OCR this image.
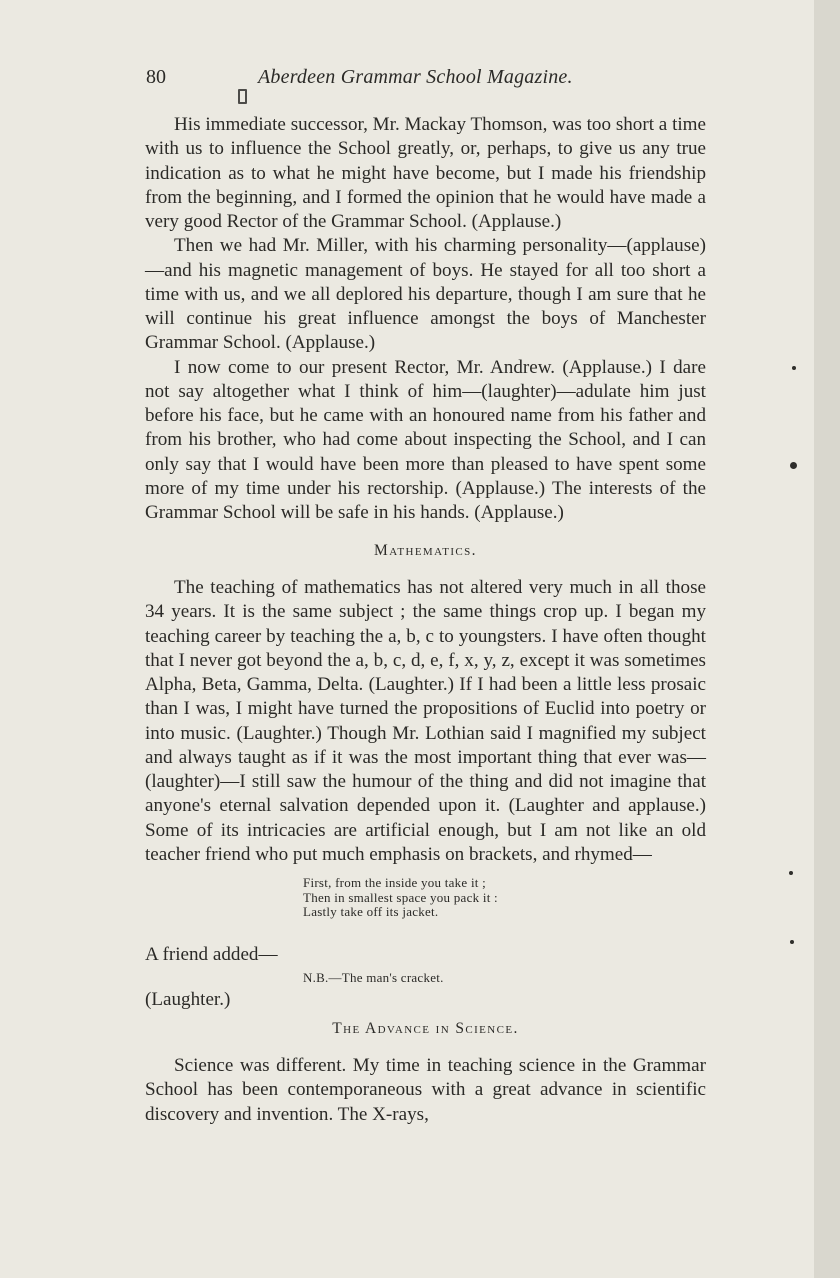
80	Aberdeen Grammar School Magazine.

His immediate successor, Mr. Mackay Thomson, was too short a time with us to influence the School greatly, or, perhaps, to give us any true indication as to what he might have become, but I made his friendship from the beginning, and I formed the opinion that he would have made a very good Rector of the Grammar School. (Applause.)

Then we had Mr. Miller, with his charming personality—(applause)—and his magnetic management of boys. He stayed for all too short a time with us, and we all deplored his departure, though I am sure that he will continue his great influence amongst the boys of Manchester Grammar School. (Applause.)

I now come to our present Rector, Mr. Andrew. (Applause.) I dare not say altogether what I think of him—(laughter)—adulate him just before his face, but he came with an honoured name from his father and from his brother, who had come about inspecting the School, and I can only say that I would have been more than pleased to have spent some more of my time under his rectorship. (Applause.) The interests of the Grammar School will be safe in his hands. (Applause.)

Mathematics.

The teaching of mathematics has not altered very much in all those 34 years. It is the same subject ; the same things crop up. I began my teaching career by teaching the a, b, c to youngsters. I have often thought that I never got beyond the a, b, c, d, e, f, x, y, z, except it was sometimes Alpha, Beta, Gamma, Delta. (Laughter.) If I had been a little less prosaic than I was, I might have turned the propositions of Euclid into poetry or into music. (Laughter.) Though Mr. Lothian said I magnified my subject and always taught as if it was the most important thing that ever was—(laughter)—I still saw the humour of the thing and did not imagine that anyone's eternal salvation depended upon it. (Laughter and applause.) Some of its intricacies are artificial enough, but I am not like an old teacher friend who put much emphasis on brackets, and rhymed—

First, from the inside you take it ;
Then in smallest space you pack it :
Lastly take off its jacket.
A friend added—
N.B.—The man's cracket.
(Laughter.)
The Advance in Science.

Science was different. My time in teaching science in the Grammar School has been contemporaneous with a great advance in scientific discovery and invention. The X-rays,
